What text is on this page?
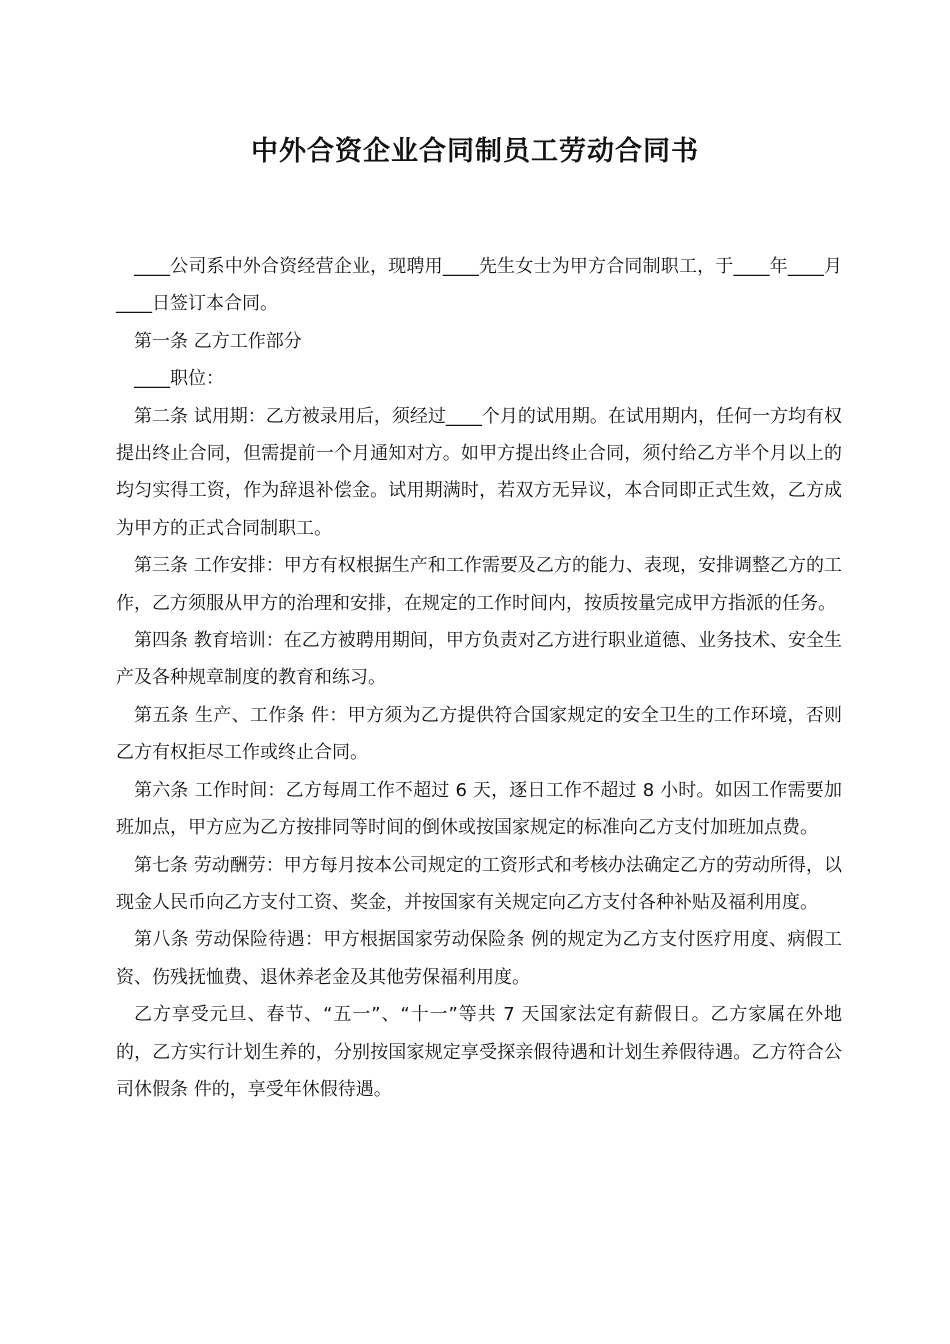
中外合资企业合同制员工劳动合同书

____公司系中外合资经营企业，现聘用____先生女士为甲方合同制职工，于____年____月____日签订本合同。

第一条 乙方工作部分

____职位：

第二条 试用期：乙方被录用后，须经过____个月的试用期。在试用期内，任何一方均有权提出终止合同，但需提前一个月通知对方。如甲方提出终止合同，须付给乙方半个月以上的均匀实得工资，作为辞退补偿金。试用期满时，若双方无异议，本合同即正式生效，乙方成为甲方的正式合同制职工。

第三条 工作安排：甲方有权根据生产和工作需要及乙方的能力、表现，安排调整乙方的工作，乙方须服从甲方的治理和安排，在规定的工作时间内，按质按量完成甲方指派的任务。

第四条 教育培训：在乙方被聘用期间，甲方负责对乙方进行职业道德、业务技术、安全生产及各种规章制度的教育和练习。

第五条 生产、工作条 件：甲方须为乙方提供符合国家规定的安全卫生的工作环境，否则乙方有权拒尽工作或终止合同。

第六条 工作时间：乙方每周工作不超过 6 天，逐日工作不超过 8 小时。如因工作需要加班加点，甲方应为乙方按排同等时间的倒休或按国家规定的标准向乙方支付加班加点费。

第七条 劳动酬劳：甲方每月按本公司规定的工资形式和考核办法确定乙方的劳动所得，以现金人民币向乙方支付工资、奖金，并按国家有关规定向乙方支付各种补贴及福利用度。

第八条 劳动保险待遇：甲方根据国家劳动保险条 例的规定为乙方支付医疗用度、病假工资、伤残抚恤费、退休养老金及其他劳保福利用度。

乙方享受元旦、春节、“五一”、“十一”等共 7 天国家法定有薪假日。乙方家属在外地的，乙方实行计划生养的，分别按国家规定享受探亲假待遇和计划生养假待遇。乙方符合公司休假条 件的，享受年休假待遇。
